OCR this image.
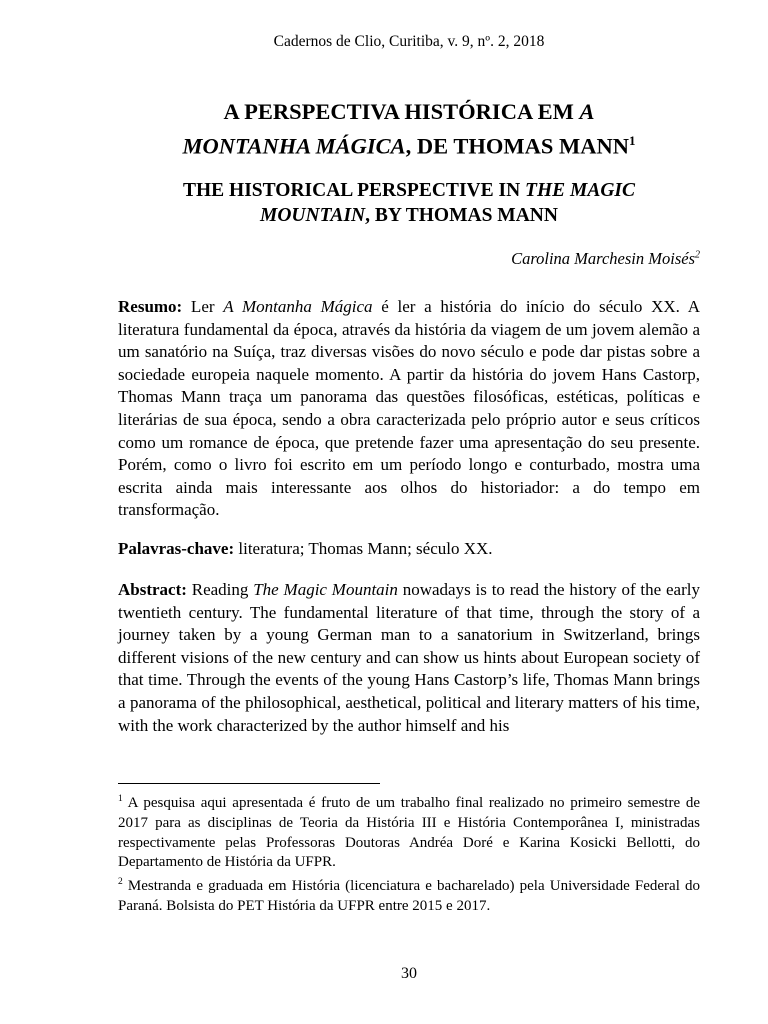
Cadernos de Clio, Curitiba, v. 9, nº. 2, 2018
A PERSPECTIVA HISTÓRICA EM A
MONTANHA MÁGICA, DE THOMAS MANN$^1$
THE HISTORICAL PERSPECTIVE IN THE MAGIC
MOUNTAIN, BY THOMAS MANN
Carolina Marchesin Moisés$^2$

Resumo: Ler A Montanha Mágica é ler a história do início do século XX. A literatura fundamental da época, através da história da viagem de um jovem alemão a um sanatório na Suíça, traz diversas visões do novo século e pode dar pistas sobre a sociedade europeia naquele momento. A partir da história do jovem Hans Castorp, Thomas Mann traça um panorama das questões filosóficas, estéticas, políticas e literárias de sua época, sendo a obra caracterizada pelo próprio autor e seus críticos como um romance de época, que pretende fazer uma apresentação do seu presente. Porém, como o livro foi escrito em um período longo e conturbado, mostra uma escrita ainda mais interessante aos olhos do historiador: a do tempo em transformação.

Palavras-chave: literatura; Thomas Mann; século XX.

Abstract: Reading The Magic Mountain nowadays is to read the history of the early twentieth century. The fundamental literature of that time, through the story of a journey taken by a young German man to a sanatorium in Switzerland, brings different visions of the new century and can show us hints about European society of that time. Through the events of the young Hans Castorp’s life, Thomas Mann brings a panorama of the philosophical, aesthetical, political and literary matters of his time, with the work characterized by the author himself and his

$^1$ A pesquisa aqui apresentada é fruto de um trabalho final realizado no primeiro semestre de 2017 para as disciplinas de Teoria da História III e História Contemporânea I, ministradas respectivamente pelas Professoras Doutoras Andréa Doré e Karina Kosicki Bellotti, do Departamento de História da UFPR.

$^2$ Mestranda e graduada em História (licenciatura e bacharelado) pela Universidade Federal do Paraná. Bolsista do PET História da UFPR entre 2015 e 2017.

30
